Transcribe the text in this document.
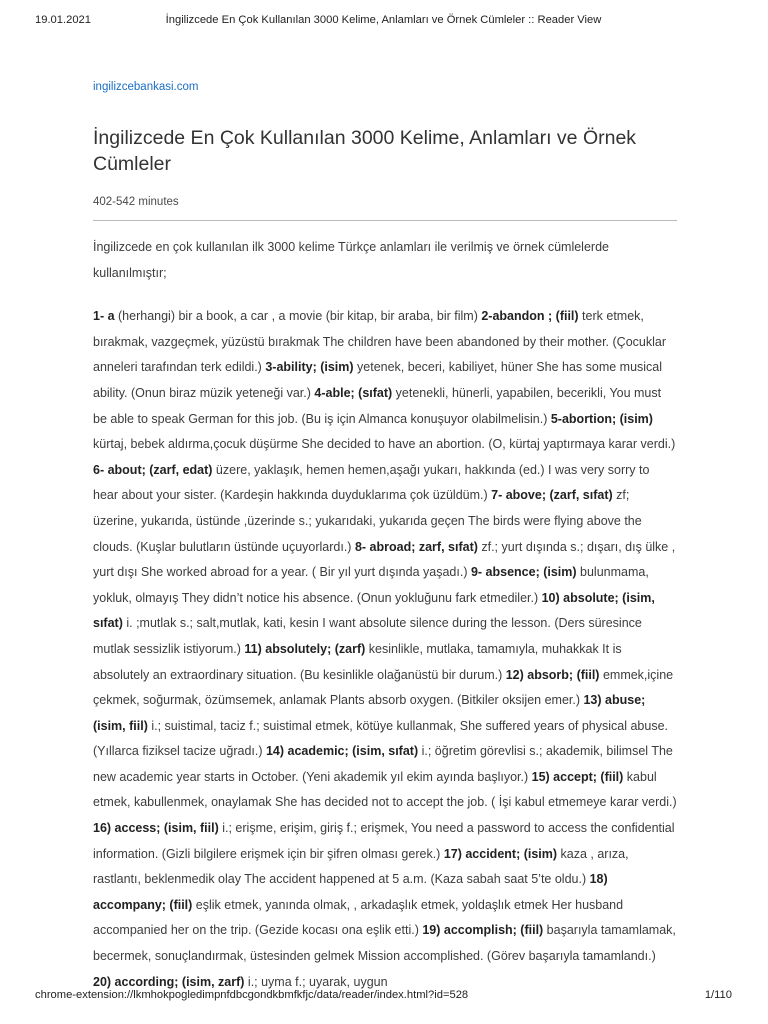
19.01.2021	İngilizcede En Çok Kullanılan 3000 Kelime, Anlamları ve Örnek Cümleler :: Reader View
ingilizcebankasi.com
İngilizcede En Çok Kullanılan 3000 Kelime, Anlamları ve Örnek Cümleler
402-542 minutes

İngilizcede en çok kullanılan ilk 3000 kelime Türkçe anlamları ile verilmiş ve örnek cümlelerde kullanılmıştır;

1- a (herhangi) bir a book, a car , a movie (bir kitap, bir araba, bir film) 2-abandon ; (fiil) terk etmek, bırakmak, vazgeçmek, yüzüstü bırakmak The children have been abandoned by their mother. (Çocuklar anneleri tarafından terk edildi.) 3-ability; (isim) yetenek, beceri, kabiliyet, hüner She has some musical ability. (Onun biraz müzik yeteneği var.) 4-able; (sıfat) yetenekli, hünerli, yapabilen, becerikli, You must be able to speak German for this job. (Bu iş için Almanca konuşuyor olabilmelisin.) 5-abortion; (isim) kürtaj, bebek aldırma,çocuk düşürme She decided to have an abortion. (O, kürtaj yaptırmaya karar verdi.) 6- about; (zarf, edat) üzere, yaklaşık, hemen hemen,aşağı yukarı, hakkında (ed.) I was very sorry to hear about your sister. (Kardeşin hakkında duyduklarıma çok üzüldüm.) 7- above; (zarf, sıfat) zf; üzerine, yukarıda, üstünde ,üzerinde s.; yukarıdaki, yukarıda geçen The birds were flying above the clouds. (Kuşlar bulutların üstünde uçuyorlardı.) 8- abroad; zarf, sıfat) zf.; yurt dışında s.; dışarı, dış ülke , yurt dışı She worked abroad for a year. ( Bir yıl yurt dışında yaşadı.) 9- absence; (isim) bulunmama, yokluk, olmayış They didn’t notice his absence. (Onun yokluğunu fark etmediler.) 10) absolute; (isim, sıfat) i. ;mutlak s.; salt,mutlak, kati, kesin I want absolute silence during the lesson. (Ders süresince mutlak sessizlik istiyorum.) 11) absolutely; (zarf) kesinlikle, mutlaka, tamamıyla, muhakkak It is absolutely an extraordinary situation. (Bu kesinlikle olağanüstü bir durum.) 12) absorb; (fiil) emmek,içine çekmek, soğurmak, özümsemek, anlamak Plants absorb oxygen. (Bitkiler oksijen emer.) 13) abuse; (isim, fiil) i.; suistimal, taciz f.; suistimal etmek, kötüye kullanmak, She suffered years of physical abuse. (Yıllarca fiziksel tacize uğradı.) 14) academic; (isim, sıfat) i.; öğretim görevlisi s.; akademik, bilimsel The new academic year starts in October. (Yeni akademik yıl ekim ayında başlıyor.) 15) accept; (fiil) kabul etmek, kabullenmek, onaylamak She has decided not to accept the job. ( İşi kabul etmemeye karar verdi.) 16) access; (isim, fiil) i.; erişme, erişim, giriş f.; erişmek, You need a password to access the confidential information. (Gizli bilgilere erişmek için bir şifren olması gerek.) 17) accident; (isim) kaza , arıza, rastlantı, beklenmedik olay The accident happened at 5 a.m. (Kaza sabah saat 5’te oldu.) 18) accompany; (fiil) eşlik etmek, yanında olmak, , arkadaşlık etmek, yoldaşlık etmek Her husband accompanied her on the trip. (Gezide kocası ona eşlik etti.) 19) accomplish; (fiil) başarıyla tamamlamak, becermek, sonuçlandırmak, üstesinden gelmek Mission accomplished. (Görev başarıyla tamamlandı.) 20) according; (isim, zarf) i.; uyma f.; uyarak, uygun

chrome-extension://lkmhokpogledimpnfdbcgondkbmfkfjc/data/reader/index.html?id=528	1/110
